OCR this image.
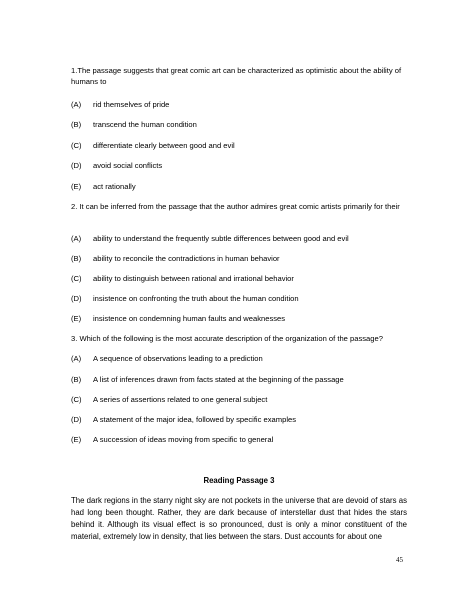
1.The passage suggests that great comic art can be characterized as optimistic about the ability of humans to

(A) rid themselves of pride
(B) transcend the human condition
(C) differentiate clearly between good and evil
(D) avoid social conflicts
(E) act rationally

2. It can be inferred from the passage that the author admires great comic artists primarily for their

(A) ability to understand the frequently subtle differences between good and evil
(B) ability to reconcile the contradictions in human behavior
(C) ability to distinguish between rational and irrational behavior
(D) insistence on confronting the truth about the human condition
(E) insistence on condemning human faults and weaknesses

3. Which of the following is the most accurate description of the organization of the passage?

(A) A sequence of observations leading to a prediction
(B) A list of inferences drawn from facts stated at the beginning of the passage
(C) A series of assertions related to one general subject
(D) A statement of the major idea, followed by specific examples
(E) A succession of ideas moving from specific to general

Reading Passage 3

The dark regions in the starry night sky are not pockets in the universe that are devoid of stars as had long been thought. Rather, they are dark because of interstellar dust that hides the stars behind it. Although its visual effect is so pronounced, dust is only a minor constituent of the material, extremely low in density, that lies between the stars. Dust accounts for about one

45
